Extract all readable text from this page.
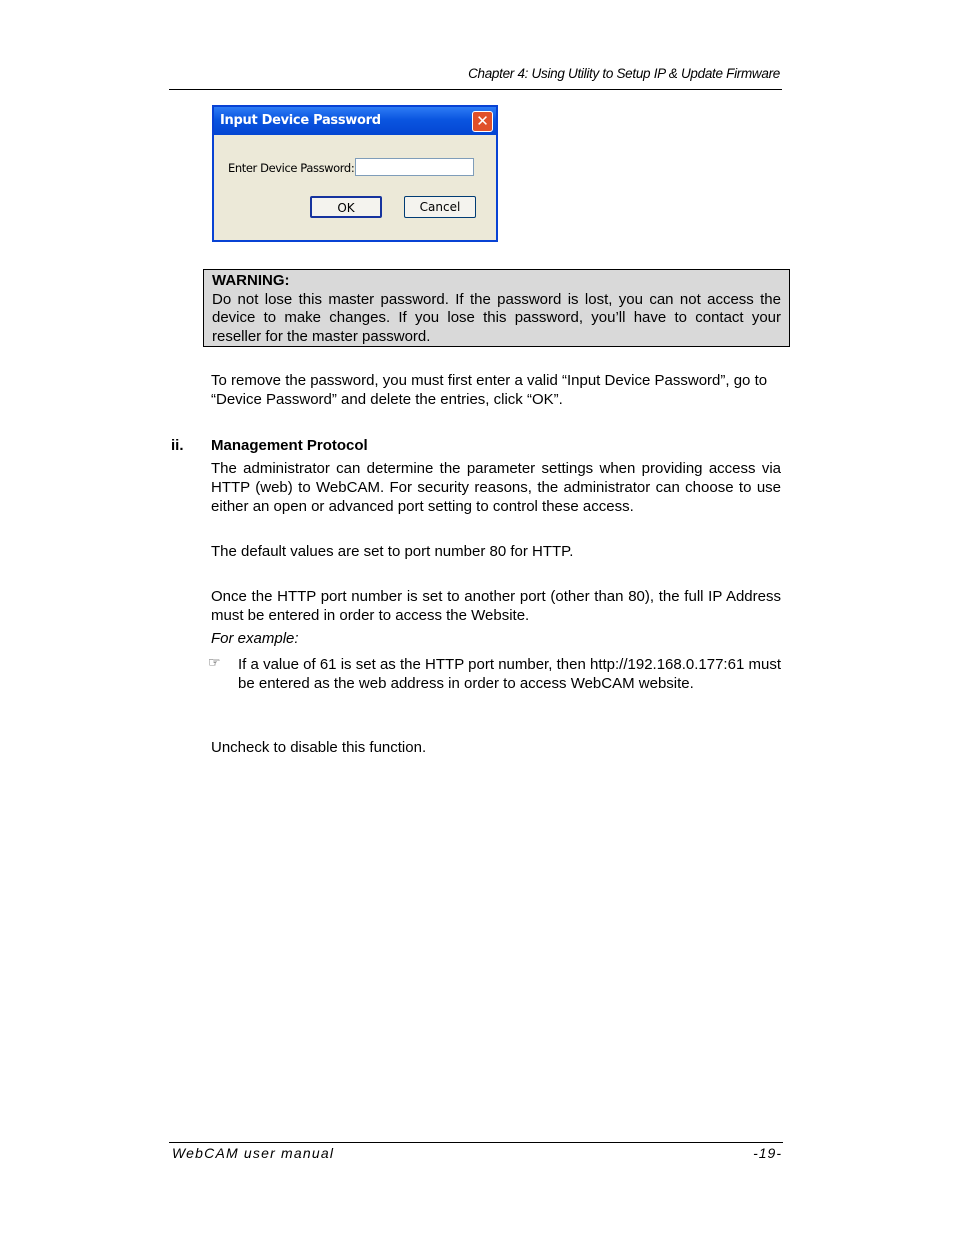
Chapter 4: Using Utility to Setup IP & Update Firmware
Input Device Password	✕
Enter Device Password:
OK	Cancel
WARNING:
Do not lose this master password. If the password is lost, you can not access the device to make changes. If you lose this password, you’ll have to contact your reseller for the master password.
To remove the password, you must first enter a valid “Input Device Password”, go to “Device Password” and delete the entries, click “OK”.
ii. Management Protocol
The administrator can determine the parameter settings when providing access via HTTP (web) to WebCAM. For security reasons, the administrator can choose to use either an open or advanced port setting to control these access.
The default values are set to port number 80 for HTTP.
Once the HTTP port number is set to another port (other than 80), the full IP Address must be entered in order to access the Website.
For example:
☞ If a value of 61 is set as the HTTP port number, then http://192.168.0.177:61 must be entered as the web address in order to access WebCAM website.
Uncheck to disable this function.
WebCAM user manual	-19-
